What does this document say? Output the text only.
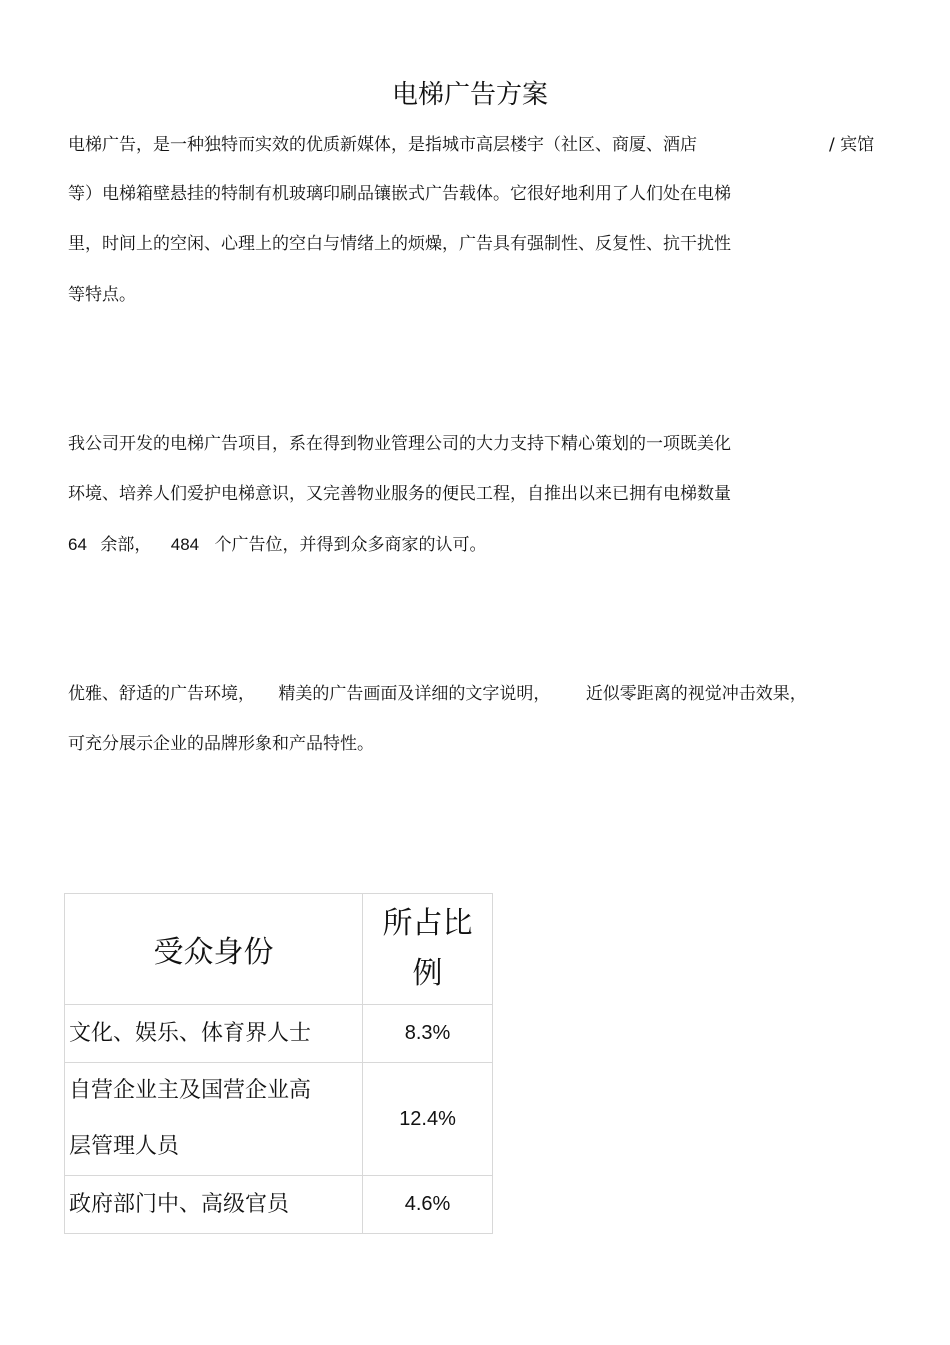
电梯广告方案
电梯广告，是一种独特而实效的优质新媒体，是指城市高层楼宇（社区、商厦、酒店	/ 宾馆
等）电梯箱壁悬挂的特制有机玻璃印刷品镶嵌式广告载体。它很好地利用了人们处在电梯
里，时间上的空闲、心理上的空白与情绪上的烦燥，广告具有强制性、反复性、抗干扰性
等特点。
我公司开发的电梯广告项目，系在得到物业管理公司的大力支持下精心策划的一项既美化
环境、培养人们爱护电梯意识，又完善物业服务的便民工程，自推出以来已拥有电梯数量
64 余部， 484 个广告位，并得到众多商家的认可。
优雅、舒适的广告环境， 精美的广告画面及详细的文字说明， 近似零距离的视觉冲击效果，
可充分展示企业的品牌形象和产品特性。
受众身份	所占比
例

文化、娱乐、体育界人士	8.3%

自营企业主及国营企业高
层管理人员	12.4%
政府部门中、高级官员	4.6%
